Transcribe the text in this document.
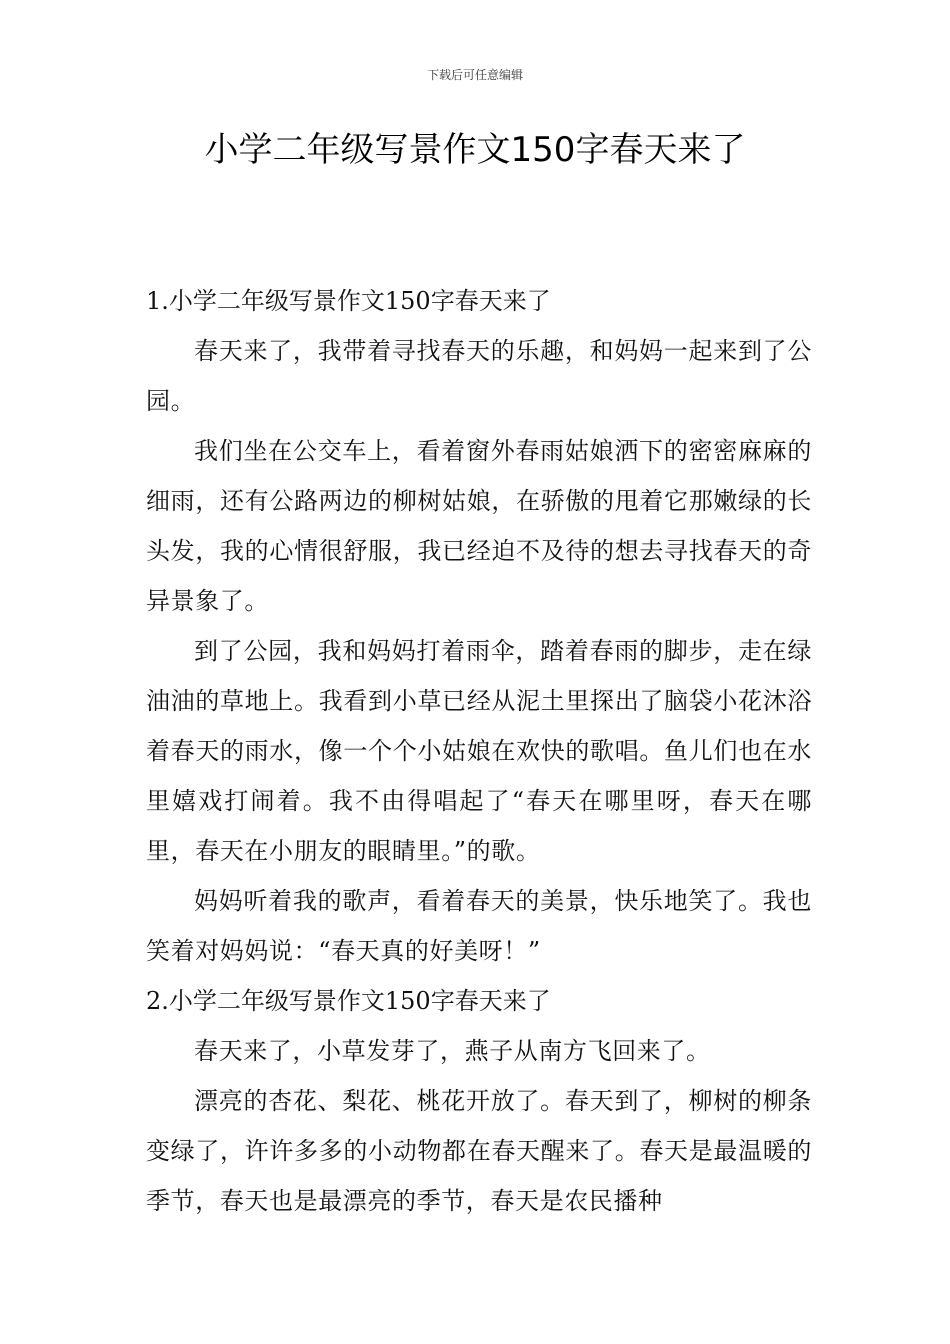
下载后可任意编辑
小学二年级写景作文150字春天来了

1.小学二年级写景作文150字春天来了

春天来了，我带着寻找春天的乐趣，和妈妈一起来到了公园。

我们坐在公交车上，看着窗外春雨姑娘洒下的密密麻麻的细雨，还有公路两边的柳树姑娘，在骄傲的甩着它那嫩绿的长头发，我的心情很舒服，我已经迫不及待的想去寻找春天的奇异景象了。

到了公园，我和妈妈打着雨伞，踏着春雨的脚步，走在绿油油的草地上。我看到小草已经从泥土里探出了脑袋小花沐浴着春天的雨水，像一个个小姑娘在欢快的歌唱。鱼儿们也在水里嬉戏打闹着。我不由得唱起了“春天在哪里呀，春天在哪里，春天在小朋友的眼睛里。”的歌。

妈妈听着我的歌声，看着春天的美景，快乐地笑了。我也笑着对妈妈说：“春天真的好美呀！”

2.小学二年级写景作文150字春天来了

春天来了，小草发芽了，燕子从南方飞回来了。

漂亮的杏花、梨花、桃花开放了。春天到了，柳树的柳条变绿了，许许多多的小动物都在春天醒来了。春天是最温暖的季节，春天也是最漂亮的季节，春天是农民播种
